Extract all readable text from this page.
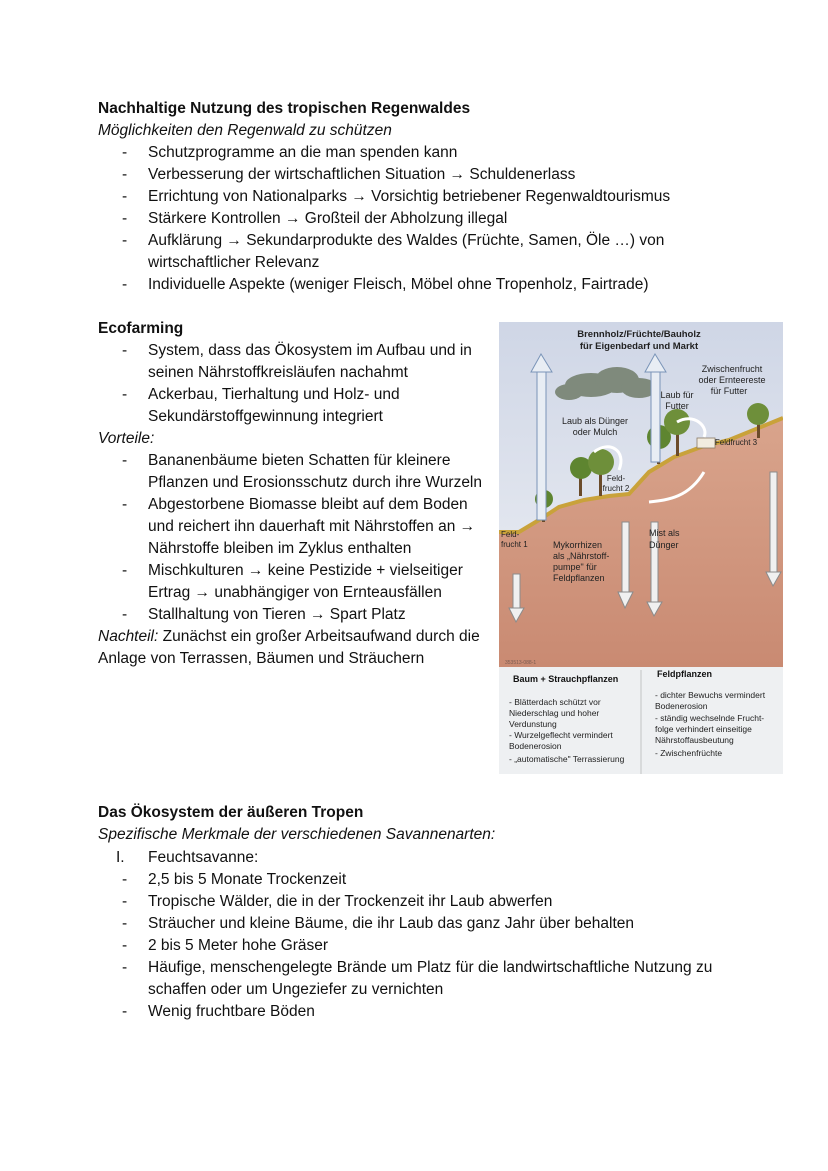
Nachhaltige Nutzung des tropischen Regenwaldes
Möglichkeiten den Regenwald zu schützen
- Schutzprogramme an die man spenden kann
- Verbesserung der wirtschaftlichen Situation → Schuldenerlass
- Errichtung von Nationalparks → Vorsichtig betriebener Regenwaldtourismus
- Stärkere Kontrollen → Großteil der Abholzung illegal
- Aufklärung → Sekundarprodukte des Waldes (Früchte, Samen, Öle …) von
wirtschaftlicher Relevanz
- Individuelle Aspekte (weniger Fleisch, Möbel ohne Tropenholz, Fairtrade)
Ecofarming
- System, dass das Ökosystem im Aufbau und in
seinen Nährstoffkreisläufen nachahmt
- Ackerbau, Tierhaltung und Holz- und
Sekundärstoffgewinnung integriert
Vorteile:
- Bananenbäume bieten Schatten für kleinere
Pflanzen und Erosionsschutz durch ihre Wurzeln
- Abgestorbene Biomasse bleibt auf dem Boden
und reichert ihn dauerhaft mit Nährstoffen an →
Nährstoffe bleiben im Zyklus enthalten
- Mischkulturen → keine Pestizide + vielseitiger
Ertrag → unabhängiger von Ernteausfällen
- Stallhaltung von Tieren → Spart Platz
Nachteil: Zunächst ein großer Arbeitsaufwand durch die
Anlage von Terrassen, Bäumen und Sträuchern
Brennholz/Früchte/Bauholz
für Eigenbedarf und Markt
Zwischenfrucht
oder Ernteereste
für Futter
Laub für
Futter
Laub als Dünger
oder Mulch
Feldfrucht 3
Feld-
frucht 2
Feld-
frucht 1
Mist als
Dünger
Mykorrhizen
als „Nährstoff-
pumpe" für
Feldpflanzen
353513-088-1
Baum + Strauchpflanzen	Feldpflanzen
- Blätterdach schützt vor
Niederschlag und hoher
Verdunstung
- Wurzelgeflecht vermindert
Bodenerosion
- „automatische" Terrassierung
- dichter Bewuchs vermindert
Bodenerosion
- ständig wechselnde Frucht-
folge verhindert einseitige
Nährstoffausbeutung
- Zwischenfrüchte
Das Ökosystem der äußeren Tropen
Spezifische Merkmale der verschiedenen Savannenarten:
I. Feuchtsavanne:
- 2,5 bis 5 Monate Trockenzeit
- Tropische Wälder, die in der Trockenzeit ihr Laub abwerfen
- Sträucher und kleine Bäume, die ihr Laub das ganz Jahr über behalten
- 2 bis 5 Meter hohe Gräser
- Häufige, menschengelegte Brände um Platz für die landwirtschaftliche Nutzung zu
schaffen oder um Ungeziefer zu vernichten
- Wenig fruchtbare Böden
